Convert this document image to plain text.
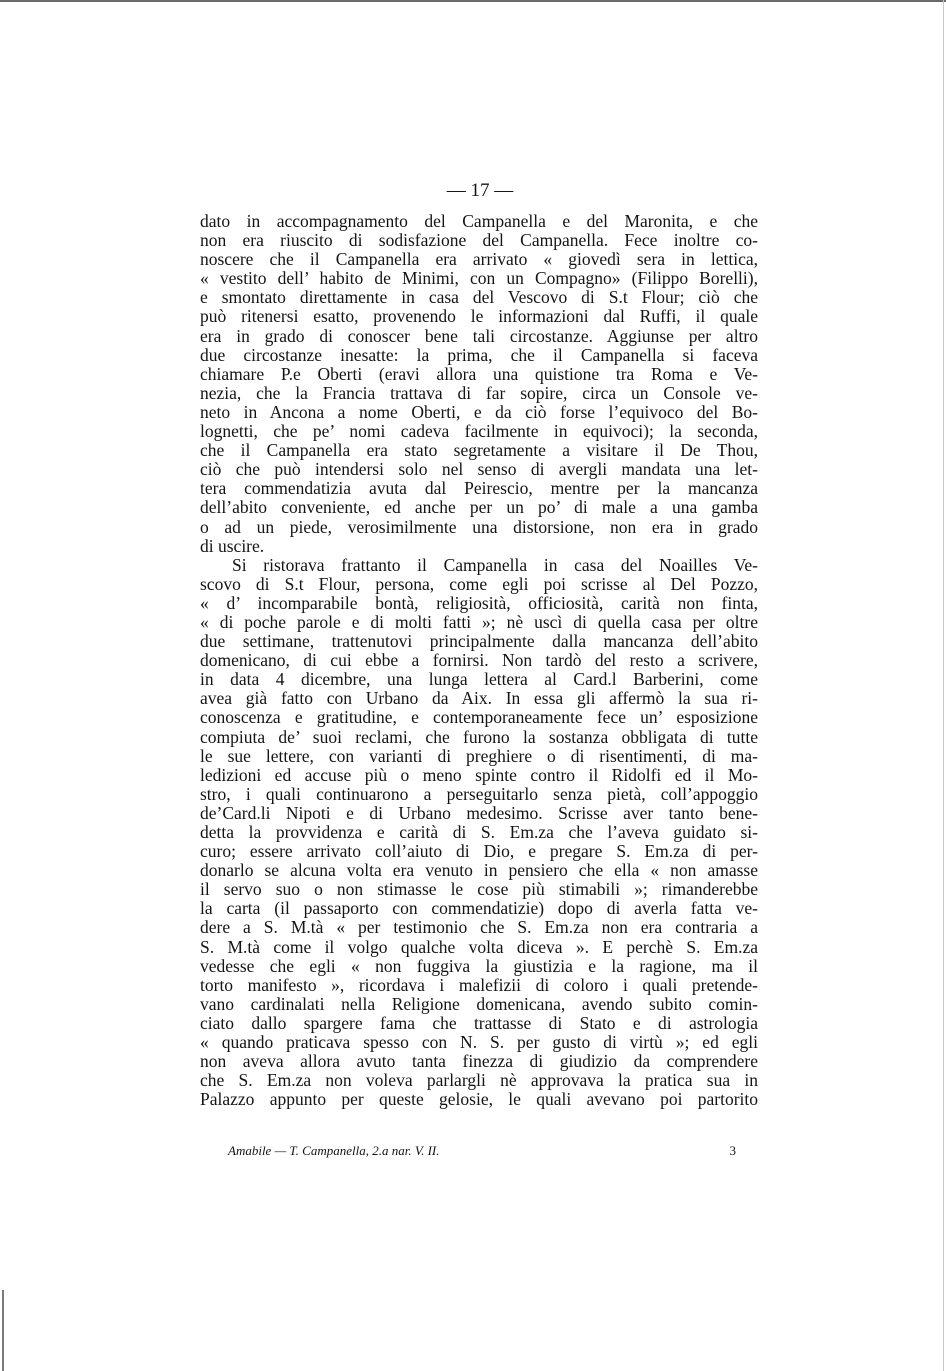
— 17 —
dato in accompagnamento del Campanella e del Maronita, e che
non era riuscito di sodisfazione del Campanella. Fece inoltre co-
noscere che il Campanella era arrivato « giovedì sera in lettica,
« vestito dell’ habito de Minimi, con un Compagno» (Filippo Borelli),
e smontato direttamente in casa del Vescovo di S.t Flour; ciò che
può ritenersi esatto, provenendo le informazioni dal Ruffi, il quale
era in grado di conoscer bene tali circostanze. Aggiunse per altro
due circostanze inesatte: la prima, che il Campanella si faceva
chiamare P.e Oberti (eravi allora una quistione tra Roma e Ve-
nezia, che la Francia trattava di far sopire, circa un Console ve-
neto in Ancona a nome Oberti, e da ciò forse l’equivoco del Bo-
lognetti, che pe’ nomi cadeva facilmente in equivoci); la seconda,
che il Campanella era stato segretamente a visitare il De Thou,
ciò che può intendersi solo nel senso di avergli mandata una let-
tera commendatizia avuta dal Peirescio, mentre per la mancanza
dell’abito conveniente, ed anche per un po’ di male a una gamba
o ad un piede, verosimilmente una distorsione, non era in grado
di uscire.
Si ristorava frattanto il Campanella in casa del Noailles Ve-
scovo di S.t Flour, persona, come egli poi scrisse al Del Pozzo,
« d’ incomparabile bontà, religiosità, officiosità, carità non finta,
« di poche parole e di molti fatti »; nè uscì di quella casa per oltre
due settimane, trattenutovi principalmente dalla mancanza dell’abito
domenicano, di cui ebbe a fornirsi. Non tardò del resto a scrivere,
in data 4 dicembre, una lunga lettera al Card.l Barberini, come
avea già fatto con Urbano da Aix. In essa gli affermò la sua ri-
conoscenza e gratitudine, e contemporaneamente fece un’ esposizione
compiuta de’ suoi reclami, che furono la sostanza obbligata di tutte
le sue lettere, con varianti di preghiere o di risentimenti, di ma-
ledizioni ed accuse più o meno spinte contro il Ridolfi ed il Mo-
stro, i quali continuarono a perseguitarlo senza pietà, coll’appoggio
de’Card.li Nipoti e di Urbano medesimo. Scrisse aver tanto bene-
detta la provvidenza e carità di S. Em.za che l’aveva guidato si-
curo; essere arrivato coll’aiuto di Dio, e pregare S. Em.za di per-
donarlo se alcuna volta era venuto in pensiero che ella « non amasse
il servo suo o non stimasse le cose più stimabili »; rimanderebbe
la carta (il passaporto con commendatizie) dopo di averla fatta ve-
dere a S. M.tà « per testimonio che S. Em.za non era contraria a
S. M.tà come il volgo qualche volta diceva ». E perchè S. Em.za
vedesse che egli « non fuggiva la giustizia e la ragione, ma il
torto manifesto », ricordava i malefizii di coloro i quali pretende-
vano cardinalati nella Religione domenicana, avendo subito comin-
ciato dallo spargere fama che trattasse di Stato e di astrologia
« quando praticava spesso con N. S. per gusto di virtù »; ed egli
non aveva allora avuto tanta finezza di giudizio da comprendere
che S. Em.za non voleva parlargli nè approvava la pratica sua in
Palazzo appunto per queste gelosie, le quali avevano poi partorito
Amabile — T. Campanella, 2.a nar. V. II.	3
